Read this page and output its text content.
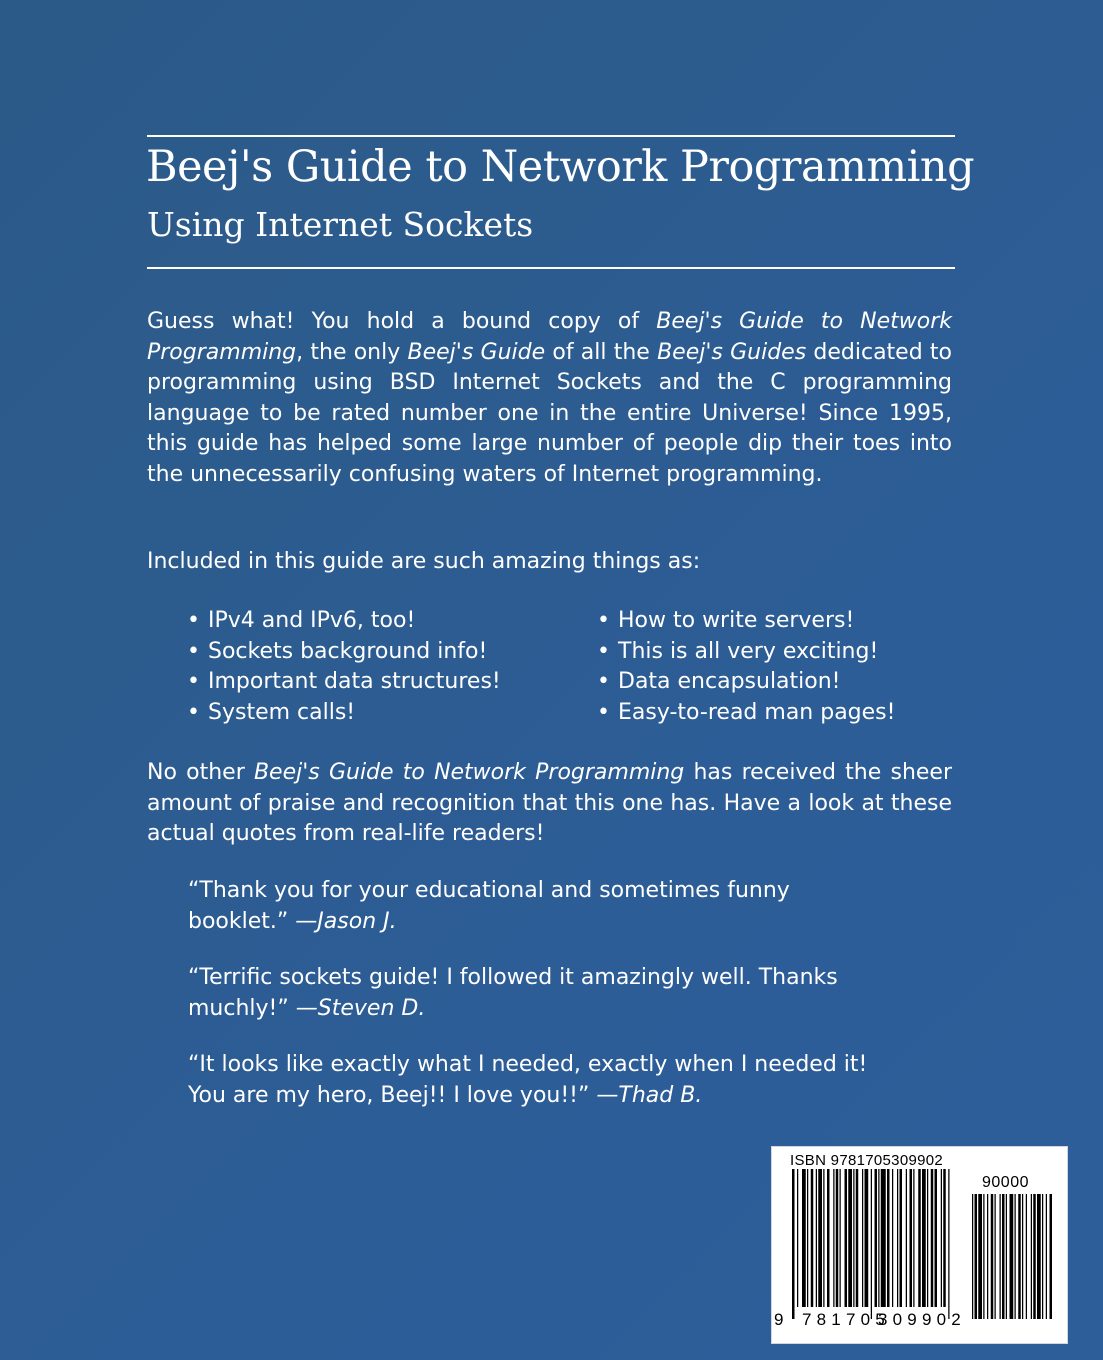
Beej's Guide to Network Programming
Using Internet Sockets
Guess what! You hold a bound copy of Beej's Guide to Network Programming, the only Beej's Guide of all the Beej's Guides dedicated to programming using BSD Internet Sockets and the C programming language to be rated number one in the entire Universe! Since 1995, this guide has helped some large number of people dip their toes into the unnecessarily confusing waters of Internet programming.
Included in this guide are such amazing things as:
• IPv4 and IPv6, too!
• Sockets background info!
• Important data structures!
• System calls!
• How to write servers!
• This is all very exciting!
• Data encapsulation!
• Easy-to-read man pages!
No other Beej's Guide to Network Programming has received the sheer amount of praise and recognition that this one has. Have a look at these actual quotes from real-life readers!
“Thank you for your educational and sometimes funny booklet.” —Jason J.
“Terrific sockets guide! I followed it amazingly well. Thanks muchly!” —Steven D.
“It looks like exactly what I needed, exactly when I needed it! You are my hero, Beej!! I love you!!” —Thad B.
ISBN 9781705309902
90000
9 781705
309902
